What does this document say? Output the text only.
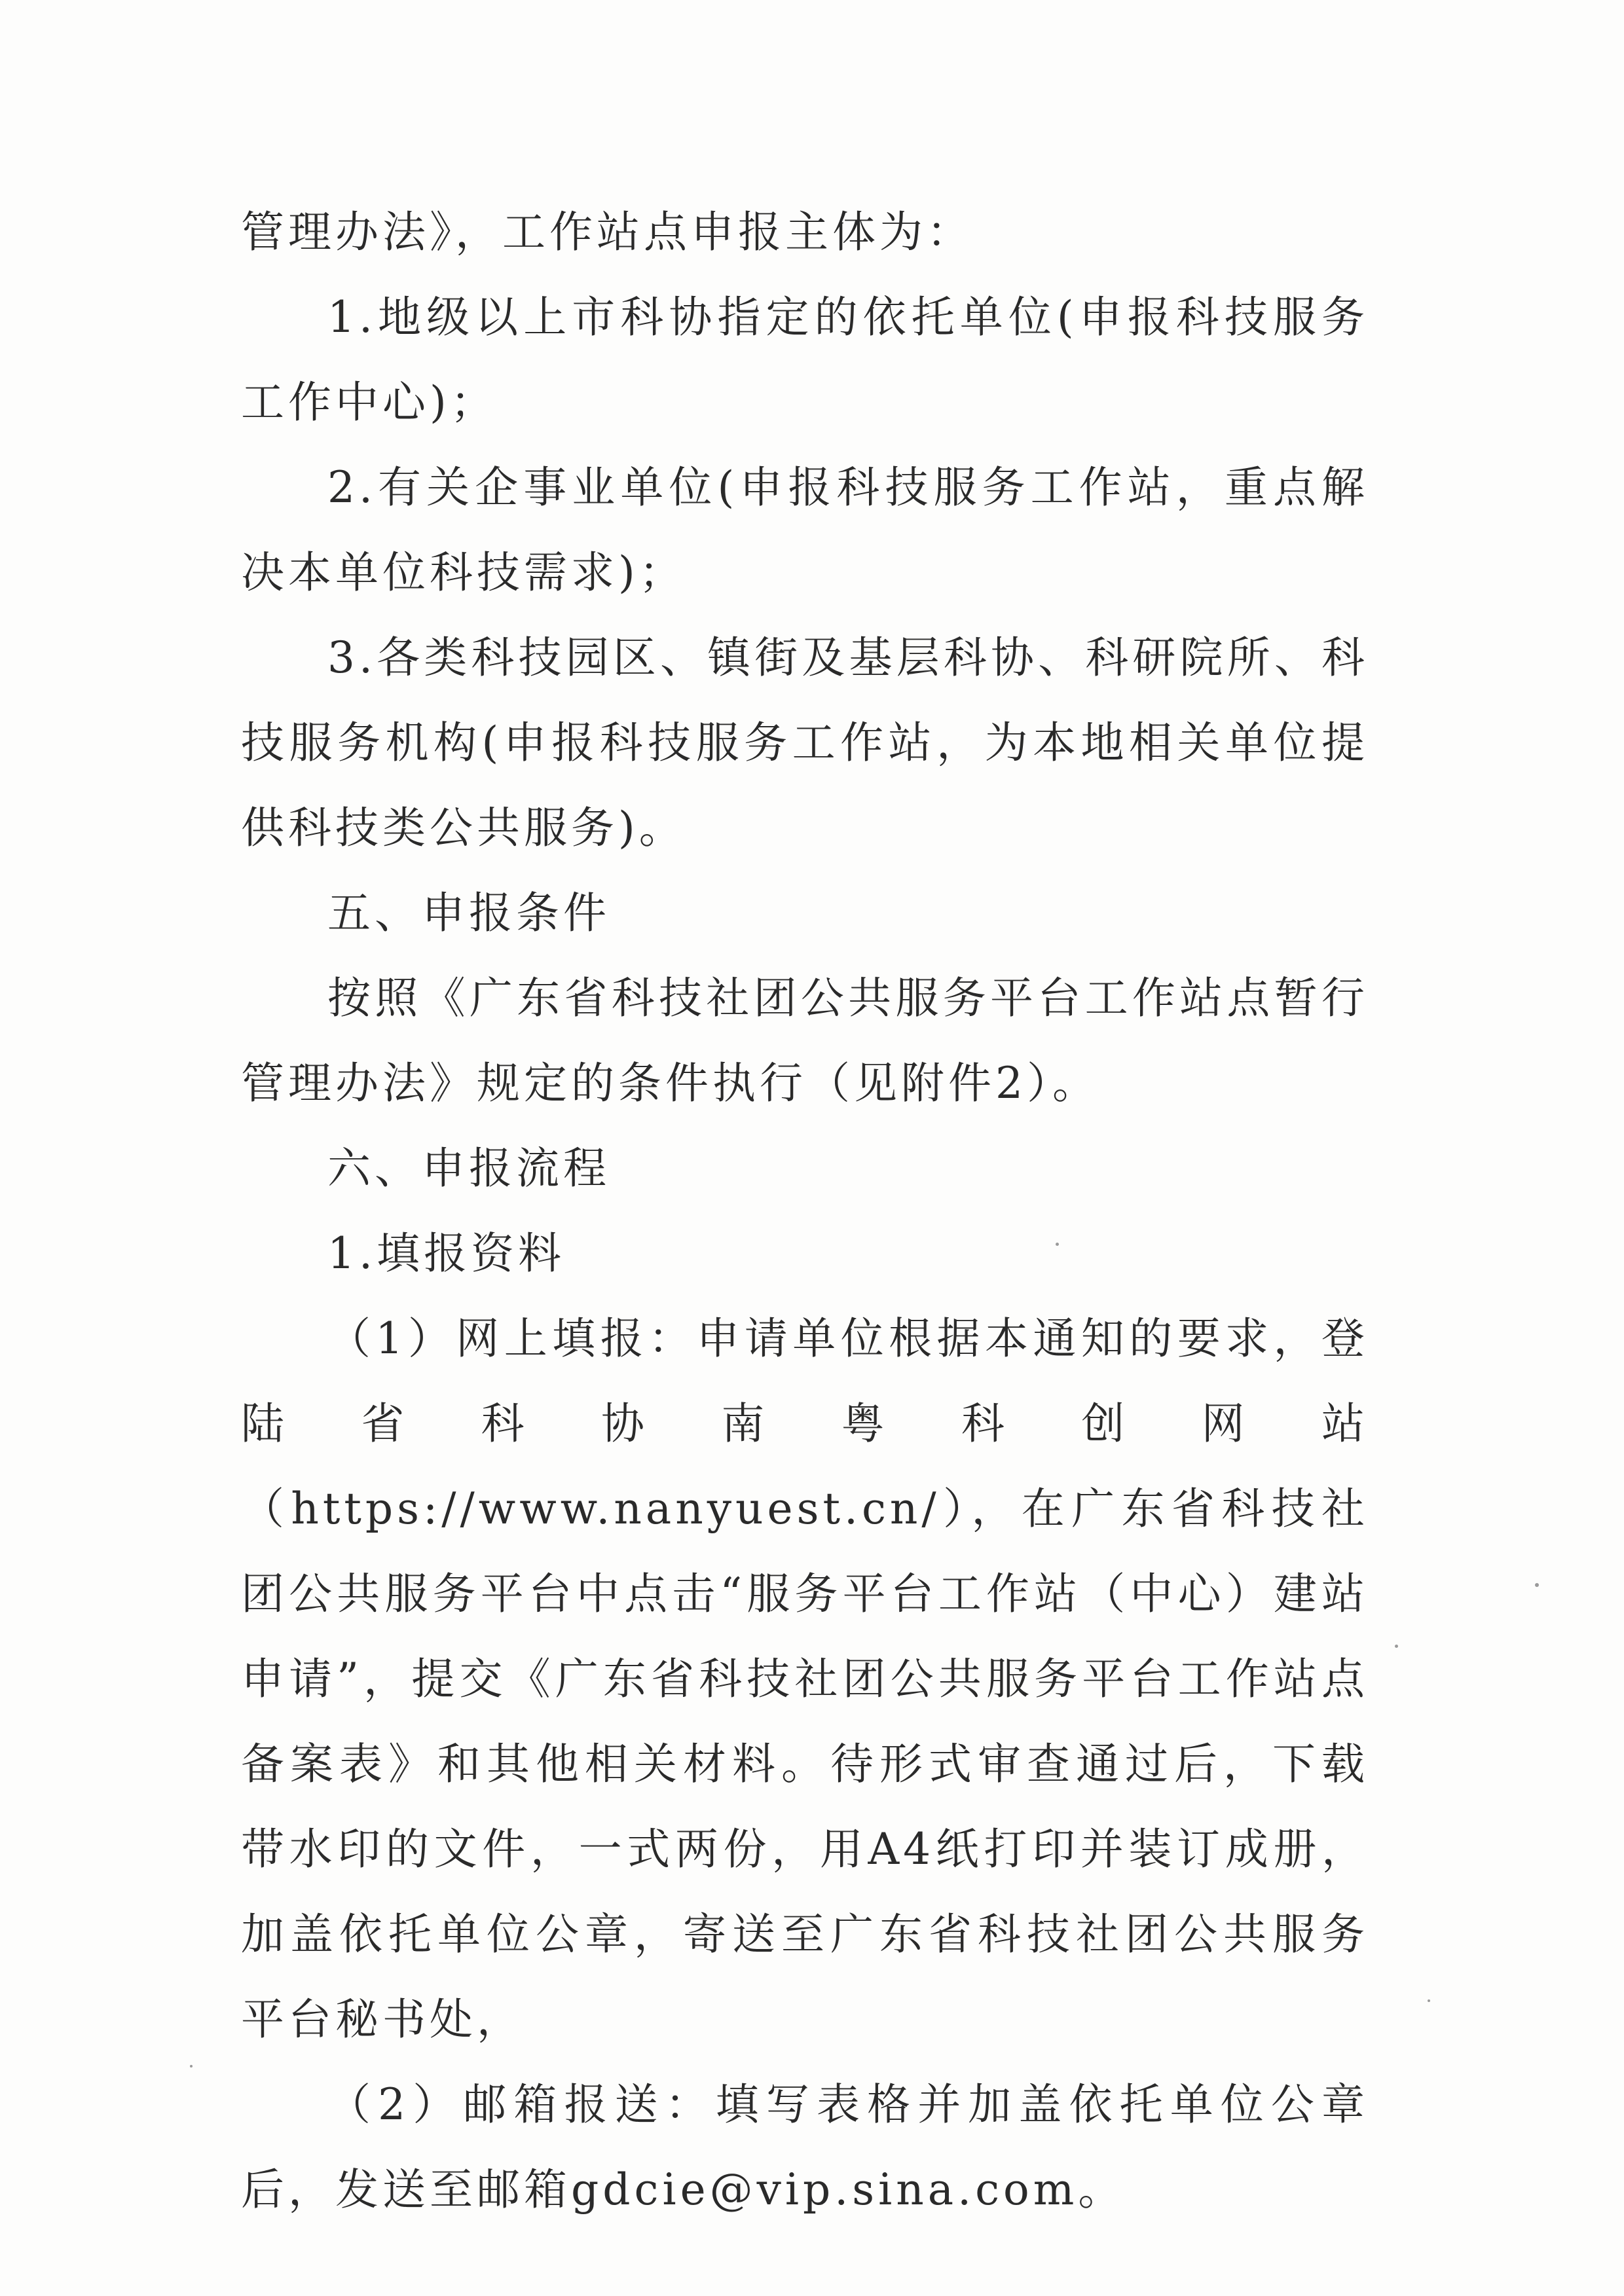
管理办法》，工作站点申报主体为：

1.地级以上市科协指定的依托单位(申报科技服务工作中心)；

2.有关企事业单位(申报科技服务工作站，重点解决本单位科技需求)；

3.各类科技园区、镇街及基层科协、科研院所、科技服务机构(申报科技服务工作站，为本地相关单位提供科技类公共服务)。

五、申报条件

按照《广东省科技社团公共服务平台工作站点暂行管理办法》规定的条件执行（见附件2）。

六、申报流程

1.填报资料

（1）网上填报：申请单位根据本通知的要求，登陆省科协南粤科创网站（https://www.nanyuest.cn/），在广东省科技社团公共服务平台中点击“服务平台工作站（中心）建站申请”，提交《广东省科技社团公共服务平台工作站点备案表》和其他相关材料。待形式审查通过后，下载带水印的文件，一式两份，用A4纸打印并装订成册，加盖依托单位公章，寄送至广东省科技社团公共服务平台秘书处，

（2）邮箱报送：填写表格并加盖依托单位公章后，发送至邮箱gdcie@vip.sina.com。
